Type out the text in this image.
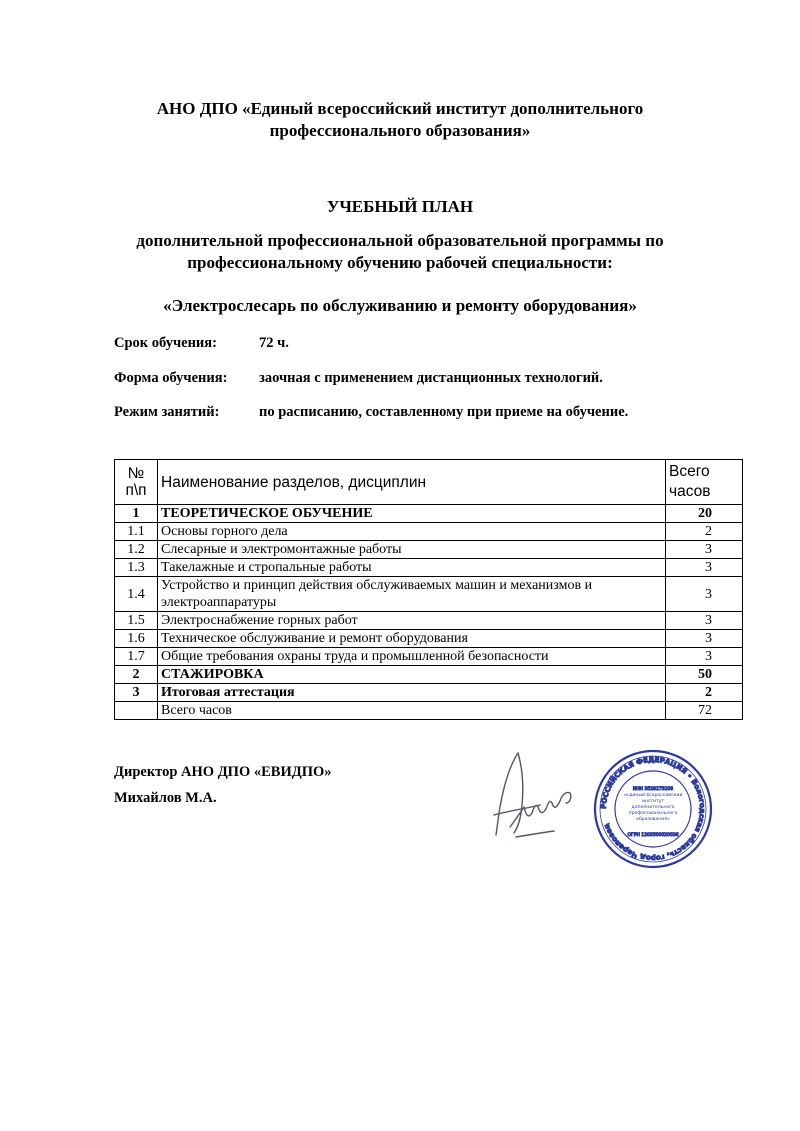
АНО ДПО «Единый всероссийский институт дополнительного
профессионального образования»
УЧЕБНЫЙ ПЛАН
дополнительной профессиональной образовательной программы по
профессиональному обучению рабочей специальности:
«Электрослесарь по обслуживанию и ремонту оборудования»
Срок обучения:	72 ч.
Форма обучения: заочная с применением дистанционных технологий.
Режим занятий:	по расписанию, составленному при приеме на обучение.
№ п\п	Наименование разделов, дисциплин	Всего
часов

1	ТЕОРЕТИЧЕСКОЕ ОБУЧЕНИЕ	20
1.1	Основы горного дела	2
1.2	Слесарные и электромонтажные работы	3
1.3	Такелажные и стропальные работы	3
1.4	Устройство и принцип действия обслуживаемых машин и механизмов и электроаппаратуры	3
1.5	Электроснабжение горных работ	3
1.6	Техническое обслуживание и ремонт оборудования	3
1.7	Общие требования охраны труда и промышленной безопасности	3
2	СТАЖИРОВКА	50
3	Итоговая аттестация	2
	Всего часов	72
Директор АНО ДПО «ЕВИДПО»
Михайлов М.А.
РОССИЙСКАЯ ФЕДЕРАЦИЯ • Вологодская область, город Череповец
ИНН 3528275208
«Единый всероссийский институт дополнительного профессионального образования»
ОГРН 1203500020036
